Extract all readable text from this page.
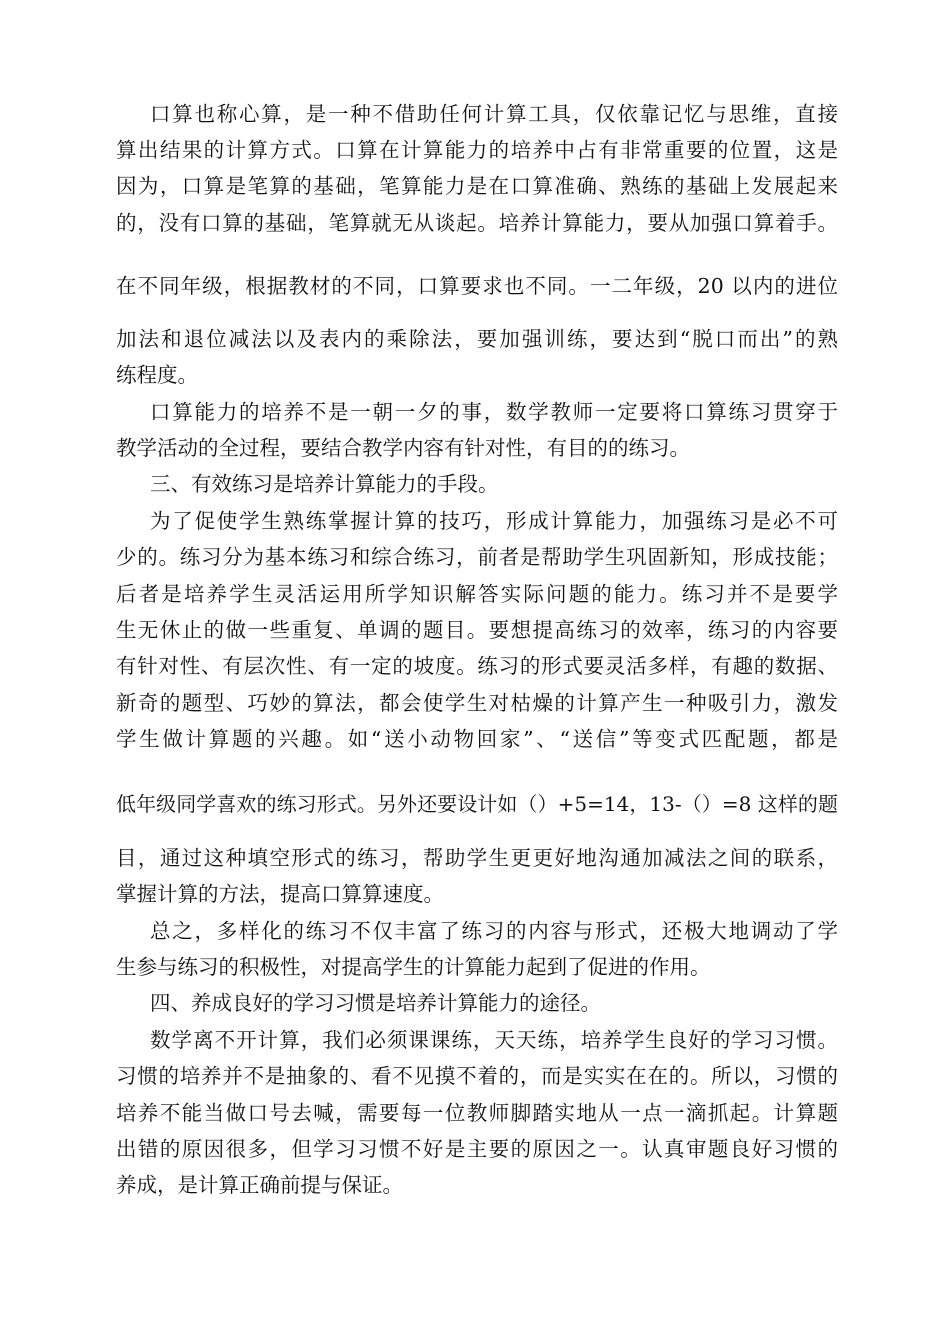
口算也称心算，是一种不借助任何计算工具，仅依靠记忆与思维，直接
算出结果的计算方式。口算在计算能力的培养中占有非常重要的位置，这是
因为，口算是笔算的基础，笔算能力是在口算准确、熟练的基础上发展起来
的，没有口算的基础，笔算就无从谈起。培养计算能力，要从加强口算着手。
在不同年级，根据教材的不同，口算要求也不同。一二年级，20 以内的进位
加法和退位减法以及表内的乘除法，要加强训练，要达到“脱口而出”的熟
练程度。
口算能力的培养不是一朝一夕的事，数学教师一定要将口算练习贯穿于
教学活动的全过程，要结合教学内容有针对性，有目的的练习。
三、有效练习是培养计算能力的手段。
为了促使学生熟练掌握计算的技巧，形成计算能力，加强练习是必不可
少的。练习分为基本练习和综合练习，前者是帮助学生巩固新知，形成技能；
后者是培养学生灵活运用所学知识解答实际问题的能力。练习并不是要学
生无休止的做一些重复、单调的题目。要想提高练习的效率，练习的内容要
有针对性、有层次性、有一定的坡度。练习的形式要灵活多样，有趣的数据、
新奇的题型、巧妙的算法，都会使学生对枯燥的计算产生一种吸引力，激发
学生做计算题的兴趣。如“送小动物回家”、“送信”等变式匹配题，都是
低年级同学喜欢的练习形式。另外还要设计如（）+5=14，13-（）=8 这样的题
目，通过这种填空形式的练习，帮助学生更更好地沟通加减法之间的联系，
掌握计算的方法，提高口算算速度。
总之，多样化的练习不仅丰富了练习的内容与形式，还极大地调动了学
生参与练习的积极性，对提高学生的计算能力起到了促进的作用。
四、养成良好的学习习惯是培养计算能力的途径。
数学离不开计算，我们必须课课练，天天练，培养学生良好的学习习惯。
习惯的培养并不是抽象的、看不见摸不着的，而是实实在在的。所以，习惯的
培养不能当做口号去喊，需要每一位教师脚踏实地从一点一滴抓起。计算题
出错的原因很多，但学习习惯不好是主要的原因之一。认真审题良好习惯的
养成，是计算正确前提与保证。
